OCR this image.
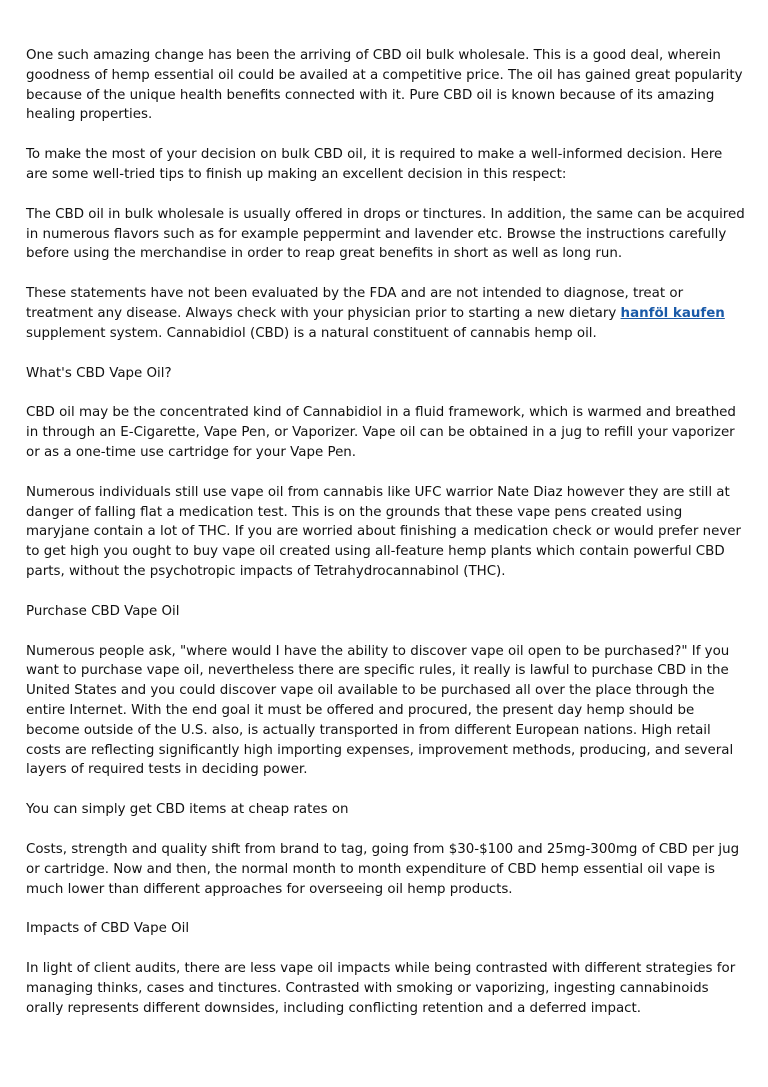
One such amazing change has been the arriving of CBD oil bulk wholesale. This is a good deal, wherein goodness of hemp essential oil could be availed at a competitive price. The oil has gained great popularity because of the unique health benefits connected with it. Pure CBD oil is known because of its amazing healing properties.

To make the most of your decision on bulk CBD oil, it is required to make a well-informed decision. Here are some well-tried tips to finish up making an excellent decision in this respect:

The CBD oil in bulk wholesale is usually offered in drops or tinctures. In addition, the same can be acquired in numerous flavors such as for example peppermint and lavender etc. Browse the instructions carefully before using the merchandise in order to reap great benefits in short as well as long run.

These statements have not been evaluated by the FDA and are not intended to diagnose, treat or treatment any disease. Always check with your physician prior to starting a new dietary hanföl kaufen supplement system. Cannabidiol (CBD) is a natural constituent of cannabis hemp oil.

What's CBD Vape Oil?

CBD oil may be the concentrated kind of Cannabidiol in a fluid framework, which is warmed and breathed in through an E-Cigarette, Vape Pen, or Vaporizer. Vape oil can be obtained in a jug to refill your vaporizer or as a one-time use cartridge for your Vape Pen.

Numerous individuals still use vape oil from cannabis like UFC warrior Nate Diaz however they are still at danger of falling flat a medication test. This is on the grounds that these vape pens created using maryjane contain a lot of THC. If you are worried about finishing a medication check or would prefer never to get high you ought to buy vape oil created using all-feature hemp plants which contain powerful CBD parts, without the psychotropic impacts of Tetrahydrocannabinol (THC).

Purchase CBD Vape Oil

Numerous people ask, "where would I have the ability to discover vape oil open to be purchased?" If you want to purchase vape oil, nevertheless there are specific rules, it really is lawful to purchase CBD in the United States and you could discover vape oil available to be purchased all over the place through the entire Internet. With the end goal it must be offered and procured, the present day hemp should be become outside of the U.S. also, is actually transported in from different European nations. High retail costs are reflecting significantly high importing expenses, improvement methods, producing, and several layers of required tests in deciding power.

You can simply get CBD items at cheap rates on

Costs, strength and quality shift from brand to tag, going from $30-$100 and 25mg-300mg of CBD per jug or cartridge. Now and then, the normal month to month expenditure of CBD hemp essential oil vape is much lower than different approaches for overseeing oil hemp products.

Impacts of CBD Vape Oil

In light of client audits, there are less vape oil impacts while being contrasted with different strategies for managing thinks, cases and tinctures. Contrasted with smoking or vaporizing, ingesting cannabinoids orally represents different downsides, including conflicting retention and a deferred impact.
